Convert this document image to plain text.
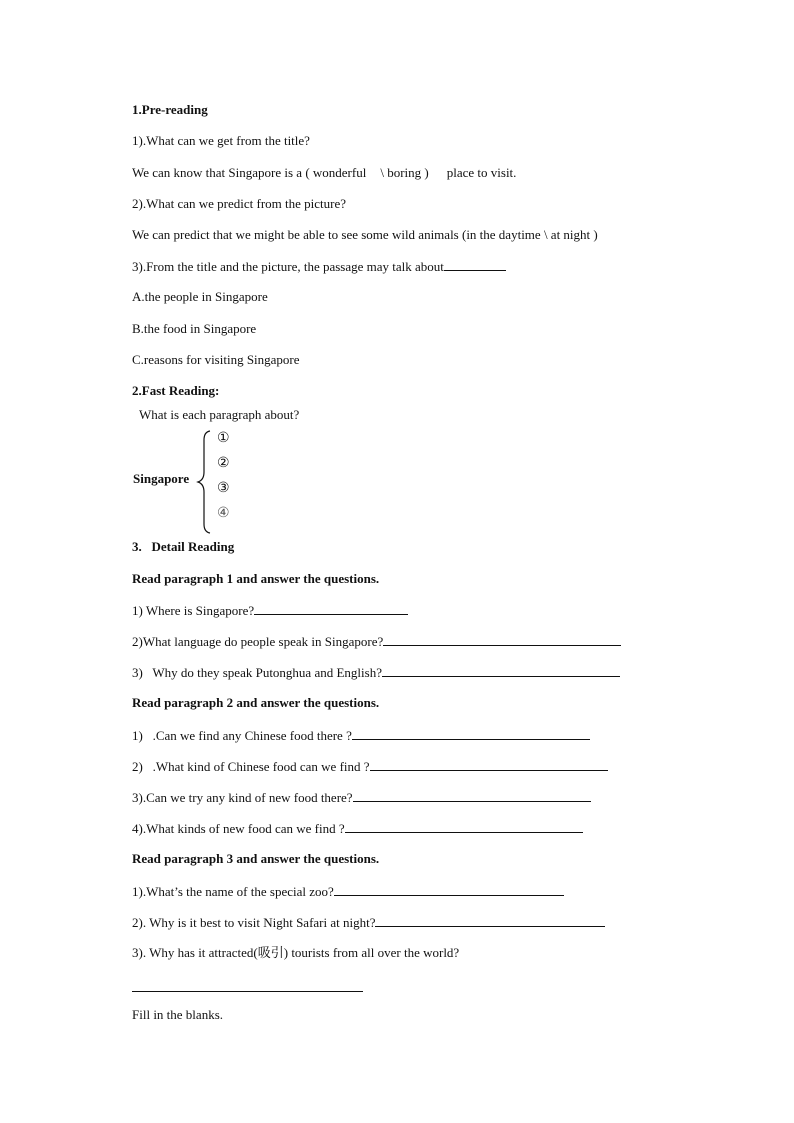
1.Pre-reading
1).What can we get from the title?
We can know that Singapore is a ( wonderful \ boring ) place to visit.
2).What can we predict from the picture?
We can predict that we might be able to see some wild animals (in the daytime \ at night )
3).From the title and the picture, the passage may talk about
A.the people in Singapore
B.the food in Singapore
C.reasons for visiting Singapore
2.Fast Reading:
What is each paragraph about?
Singapore
①
②
③
④
3.   Detail Reading
Read paragraph 1 and answer the questions.
1) Where is Singapore?
2)What language do people speak in Singapore?
3)   Why do they speak Putonghua and English?
Read paragraph 2 and answer the questions.
1)   .Can we find any Chinese food there ?
2)   .What kind of Chinese food can we find ?
3).Can we try any kind of new food there?
4).What kinds of new food can we find ?
Read paragraph 3 and answer the questions.
1).What’s the name of the special zoo?
2). Why is it best to visit Night Safari at night?
3). Why has it attracted(吸引) tourists from all over the world?
Fill in the blanks.
